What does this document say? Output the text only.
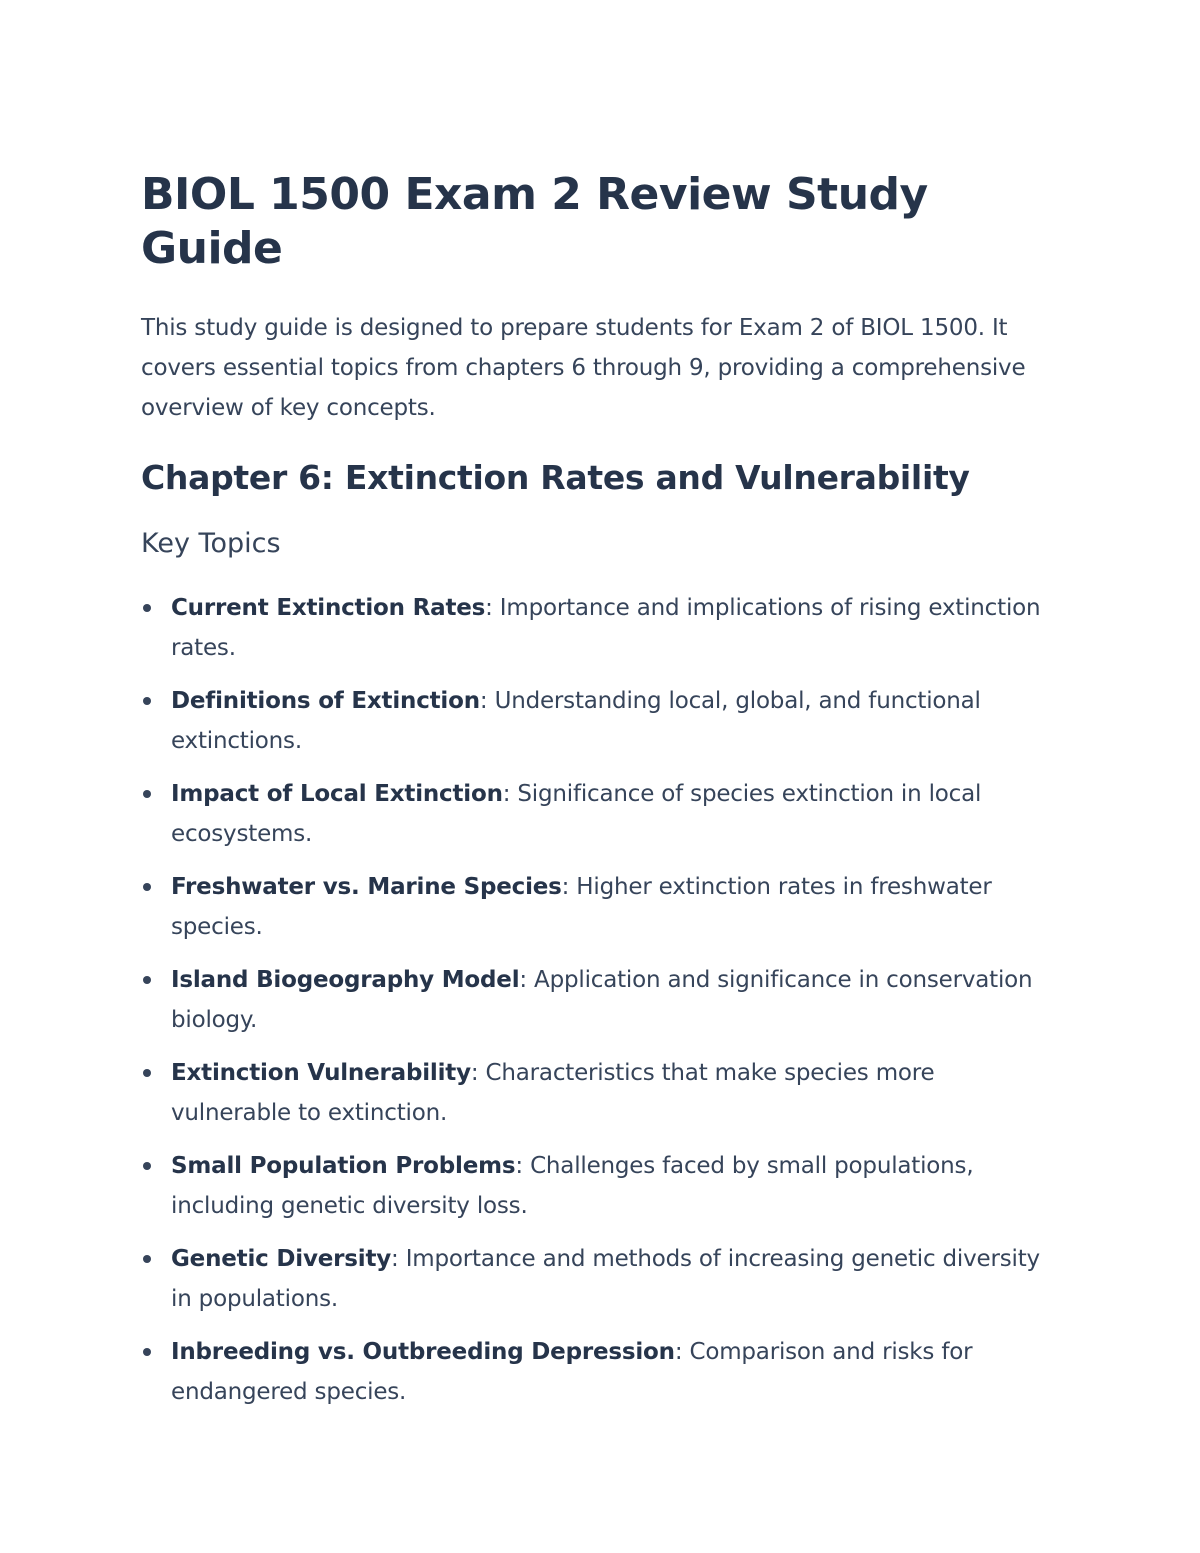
BIOL 1500 Exam 2 Review Study Guide

This study guide is designed to prepare students for Exam 2 of BIOL 1500. It covers essential topics from chapters 6 through 9, providing a comprehensive overview of key concepts.

Chapter 6: Extinction Rates and Vulnerability
Key Topics
Current Extinction Rates: Importance and implications of rising extinction rates.
Definitions of Extinction: Understanding local, global, and functional extinctions.
Impact of Local Extinction: Significance of species extinction in local ecosystems.
Freshwater vs. Marine Species: Higher extinction rates in freshwater species.
Island Biogeography Model: Application and significance in conservation biology.
Extinction Vulnerability: Characteristics that make species more vulnerable to extinction.
Small Population Problems: Challenges faced by small populations, including genetic diversity loss.
Genetic Diversity: Importance and methods of increasing genetic diversity in populations.
Inbreeding vs. Outbreeding Depression: Comparison and risks for endangered species.
